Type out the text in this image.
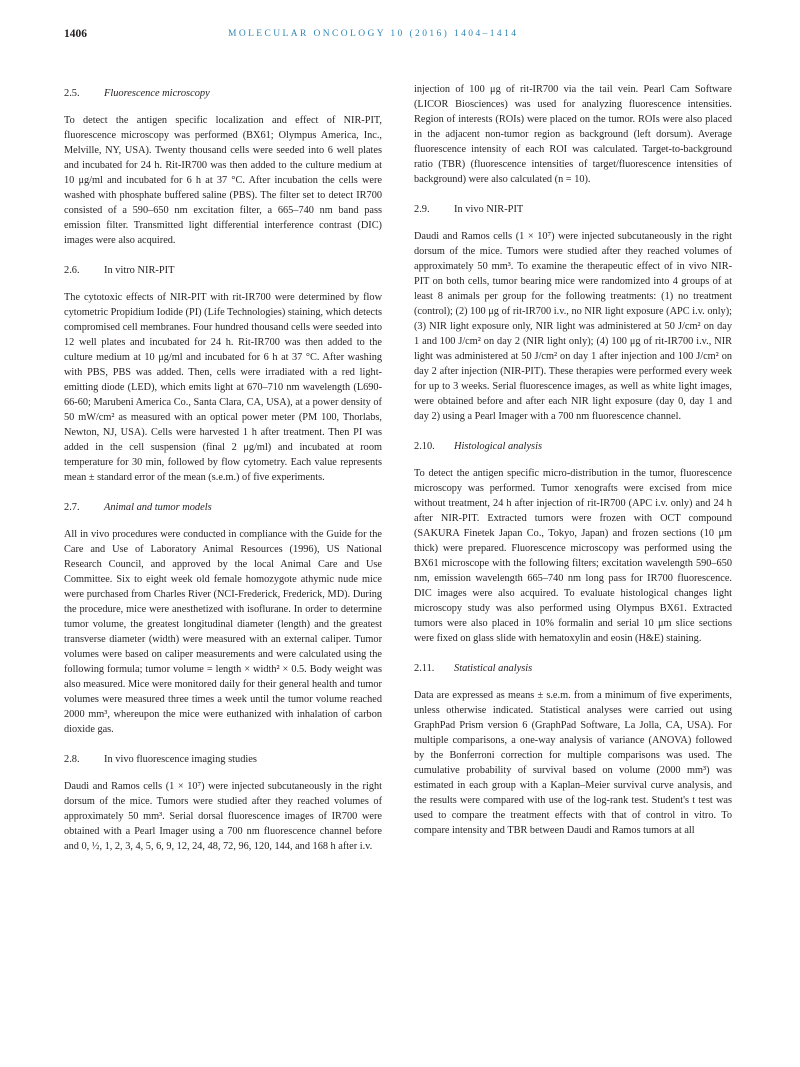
1406	MOLECULAR ONCOLOGY 10 (2016) 1404–1414
2.5. Fluorescence microscopy

To detect the antigen specific localization and effect of NIR-PIT, fluorescence microscopy was performed (BX61; Olympus America, Inc., Melville, NY, USA). Twenty thousand cells were seeded into 6 well plates and incubated for 24 h. Rit-IR700 was then added to the culture medium at 10 μg/ml and incubated for 6 h at 37 °C. After incubation the cells were washed with phosphate buffered saline (PBS). The filter set to detect IR700 consisted of a 590–650 nm excitation filter, a 665–740 nm band pass emission filter. Transmitted light differential interference contrast (DIC) images were also acquired.

2.6. In vitro NIR-PIT

The cytotoxic effects of NIR-PIT with rit-IR700 were determined by flow cytometric Propidium Iodide (PI) (Life Technologies) staining, which detects compromised cell membranes. Four hundred thousand cells were seeded into 12 well plates and incubated for 24 h. Rit-IR700 was then added to the culture medium at 10 μg/ml and incubated for 6 h at 37 °C. After washing with PBS, PBS was added. Then, cells were irradiated with a red light-emitting diode (LED), which emits light at 670–710 nm wavelength (L690-66-60; Marubeni America Co., Santa Clara, CA, USA), at a power density of 50 mW/cm² as measured with an optical power meter (PM 100, Thorlabs, Newton, NJ, USA). Cells were harvested 1 h after treatment. Then PI was added in the cell suspension (final 2 μg/ml) and incubated at room temperature for 30 min, followed by flow cytometry. Each value represents mean ± standard error of the mean (s.e.m.) of five experiments.

2.7. Animal and tumor models

All in vivo procedures were conducted in compliance with the Guide for the Care and Use of Laboratory Animal Resources (1996), US National Research Council, and approved by the local Animal Care and Use Committee. Six to eight week old female homozygote athymic nude mice were purchased from Charles River (NCI-Frederick, Frederick, MD). During the procedure, mice were anesthetized with isoflurane. In order to determine tumor volume, the greatest longitudinal diameter (length) and the greatest transverse diameter (width) were measured with an external caliper. Tumor volumes were based on caliper measurements and were calculated using the following formula; tumor volume = length × width² × 0.5. Body weight was also measured. Mice were monitored daily for their general health and tumor volumes were measured three times a week until the tumor volume reached 2000 mm³, whereupon the mice were euthanized with inhalation of carbon dioxide gas.

2.8. In vivo fluorescence imaging studies

Daudi and Ramos cells (1 × 10⁷) were injected subcutaneously in the right dorsum of the mice. Tumors were studied after they reached volumes of approximately 50 mm³. Serial dorsal fluorescence images of IR700 were obtained with a Pearl Imager using a 700 nm fluorescence channel before and 0, ½, 1, 2, 3, 4, 5, 6, 9, 12, 24, 48, 72, 96, 120, 144, and 168 h after i.v.

injection of 100 μg of rit-IR700 via the tail vein. Pearl Cam Software (LICOR Biosciences) was used for analyzing fluorescence intensities. Region of interests (ROIs) were placed on the tumor. ROIs were also placed in the adjacent non-tumor region as background (left dorsum). Average fluorescence intensity of each ROI was calculated. Target-to-background ratio (TBR) (fluorescence intensities of target/fluorescence intensities of background) were also calculated (n = 10).

2.9. In vivo NIR-PIT

Daudi and Ramos cells (1 × 10⁷) were injected subcutaneously in the right dorsum of the mice. Tumors were studied after they reached volumes of approximately 50 mm³. To examine the therapeutic effect of in vivo NIR-PIT on both cells, tumor bearing mice were randomized into 4 groups of at least 8 animals per group for the following treatments: (1) no treatment (control); (2) 100 μg of rit-IR700 i.v., no NIR light exposure (APC i.v. only); (3) NIR light exposure only, NIR light was administered at 50 J/cm² on day 1 and 100 J/cm² on day 2 (NIR light only); (4) 100 μg of rit-IR700 i.v., NIR light was administered at 50 J/cm² on day 1 after injection and 100 J/cm² on day 2 after injection (NIR-PIT). These therapies were performed every week for up to 3 weeks. Serial fluorescence images, as well as white light images, were obtained before and after each NIR light exposure (day 0, day 1 and day 2) using a Pearl Imager with a 700 nm fluorescence channel.

2.10. Histological analysis

To detect the antigen specific micro-distribution in the tumor, fluorescence microscopy was performed. Tumor xenografts were excised from mice without treatment, 24 h after injection of rit-IR700 (APC i.v. only) and 24 h after NIR-PIT. Extracted tumors were frozen with OCT compound (SAKURA Finetek Japan Co., Tokyo, Japan) and frozen sections (10 μm thick) were prepared. Fluorescence microscopy was performed using the BX61 microscope with the following filters; excitation wavelength 590–650 nm, emission wavelength 665–740 nm long pass for IR700 fluorescence. DIC images were also acquired. To evaluate histological changes light microscopy study was also performed using Olympus BX61. Extracted tumors were also placed in 10% formalin and serial 10 μm slice sections were fixed on glass slide with hematoxylin and eosin (H&E) staining.

2.11. Statistical analysis

Data are expressed as means ± s.e.m. from a minimum of five experiments, unless otherwise indicated. Statistical analyses were carried out using GraphPad Prism version 6 (GraphPad Software, La Jolla, CA, USA). For multiple comparisons, a one-way analysis of variance (ANOVA) followed by the Bonferroni correction for multiple comparisons was used. The cumulative probability of survival based on volume (2000 mm³) was estimated in each group with a Kaplan–Meier survival curve analysis, and the results were compared with use of the log-rank test. Student's t test was used to compare the treatment effects with that of control in vitro. To compare intensity and TBR between Daudi and Ramos tumors at all
